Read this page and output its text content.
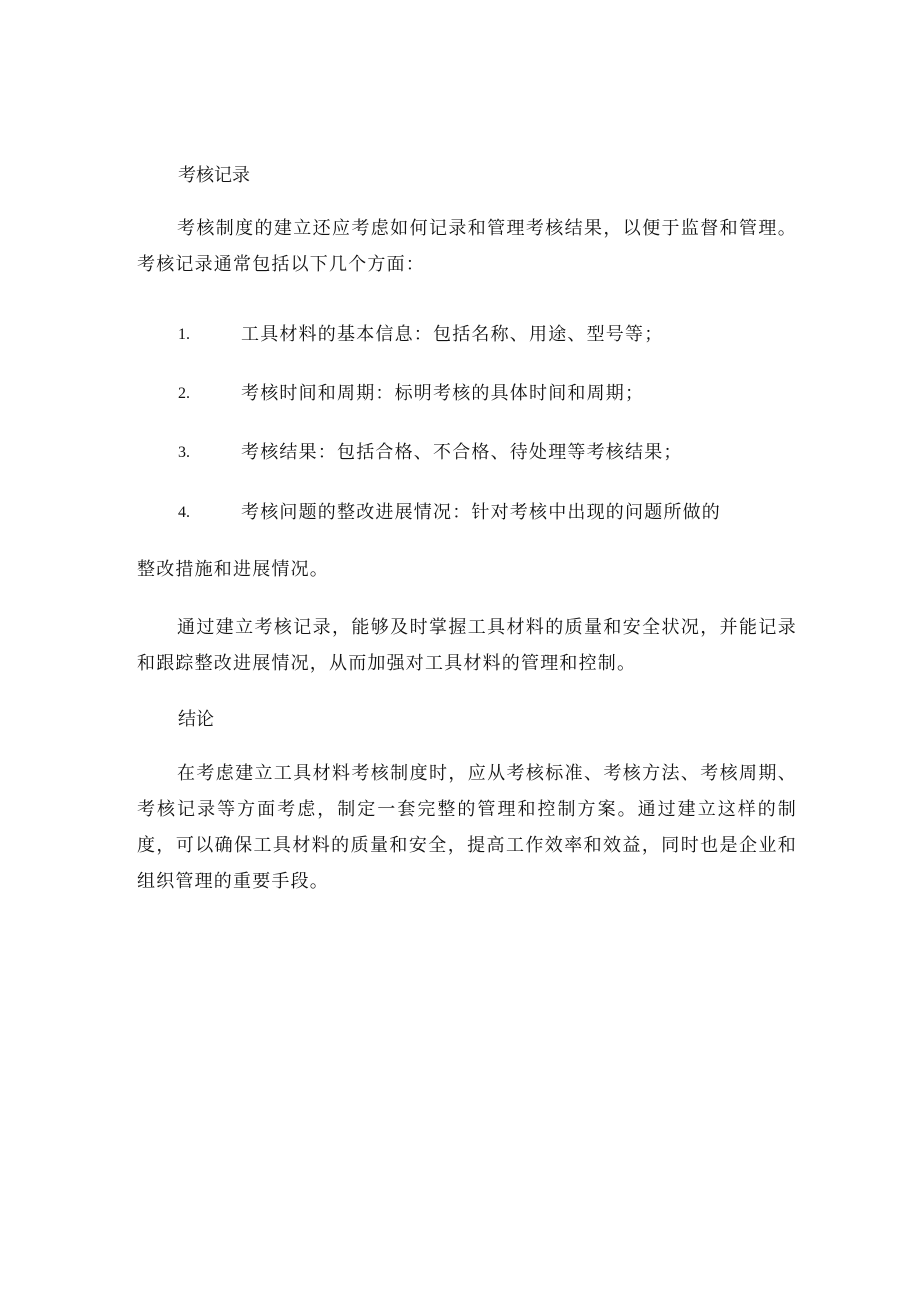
考核记录

考核制度的建立还应考虑如何记录和管理考核结果，以便于监督和管理。考核记录通常包括以下几个方面：

1.	工具材料的基本信息：包括名称、用途、型号等；
2.	考核时间和周期：标明考核的具体时间和周期；
3.	考核结果：包括合格、不合格、待处理等考核结果；
4.	考核问题的整改进展情况：针对考核中出现的问题所做的
整改措施和进展情况。

通过建立考核记录，能够及时掌握工具材料的质量和安全状况，并能记录和跟踪整改进展情况，从而加强对工具材料的管理和控制。

结论

在考虑建立工具材料考核制度时，应从考核标准、考核方法、考核周期、考核记录等方面考虑，制定一套完整的管理和控制方案。通过建立这样的制度，可以确保工具材料的质量和安全，提高工作效率和效益，同时也是企业和组织管理的重要手段。
